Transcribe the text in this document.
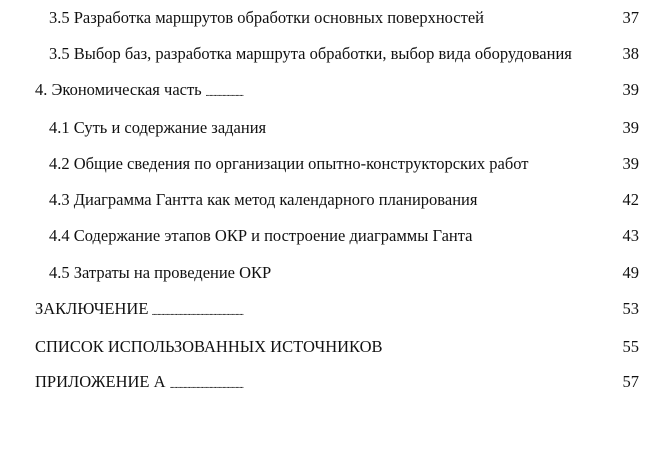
. . .
3.5 Разработка маршрутов обработки основных поверхностей	37
. . .
3.5 Выбор баз, разработка маршрута обработки, выбор вида оборудования	38
. . .
4. Экономическая часть	39
. . .
4.1 Суть и содержание задания	39
. . .
4.2 Общие сведения по организации опытно-конструкторских работ	39
. . .
4.3 Диаграмма Гантта как метод календарного планирования	42
. . .
4.4 Содержание этапов ОКР и построение диаграммы Ганта	43
. . .
4.5 Затраты на проведение ОКР	49
. . .
ЗАКЛЮЧЕНИЕ	53
. . .
СПИСОК ИСПОЛЬЗОВАННЫХ ИСТОЧНИКОВ	55
. . .
ПРИЛОЖЕНИЕ А	57
